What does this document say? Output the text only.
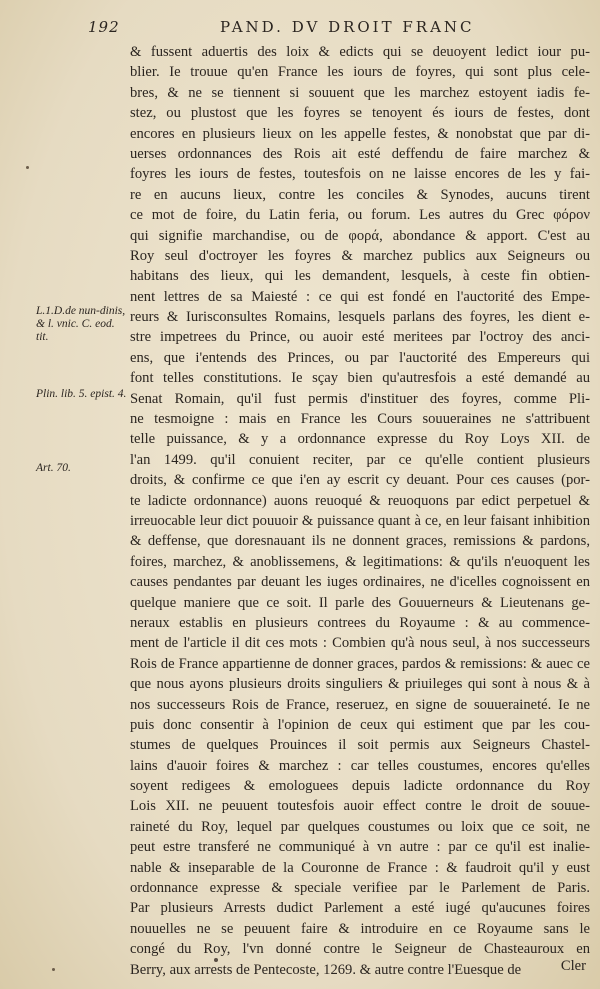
192	PAND. DV DROIT FRANC
L.1.D.de nun-dinis, & l. vnic. C. eod. tit.
Plin. lib. 5. epist. 4.
Art. 70.
& fussent aduertis des loix & edicts qui se deuoyent ledict iour pu-
blier. Ie trouue qu'en France les iours de foyres, qui sont plus cele-
bres, & ne se tiennent si souuent que les marchez estoyent iadis fe-
stez, ou plustost que les foyres se tenoyent és iours de festes, dont
encores en plusieurs lieux on les appelle festes, & nonobstat que par di-
uerses ordonnances des Rois ait esté deffendu de faire marchez &
foyres les iours de festes, toutesfois on ne laisse encores de les y fai-
re en aucuns lieux, contre les conciles & Synodes, aucuns tirent
ce mot de foire, du Latin feria, ou forum. Les autres du Grec φόρον
qui signifie marchandise, ou de φορά, abondance & apport. C'est au
Roy seul d'octroyer les foyres & marchez publics aux Seigneurs ou
habitans des lieux, qui les demandent, lesquels, à ceste fin obtien-
nent lettres de sa Maiesté : ce qui est fondé en l'auctorité des Empe-
reurs & Iurisconsultes Romains, lesquels parlans des foyres, les dient e-
stre impetrees du Prince, ou auoir esté meritees par l'octroy des anci-
ens, que i'entends des Princes, ou par l'auctorité des Empereurs qui
font telles constitutions. Ie sçay bien qu'autresfois a esté demandé au
Senat Romain, qu'il fust permis d'instituer des foyres, comme Pli-
ne tesmoigne : mais en France les Cours souueraines ne s'attribuent
telle puissance, & y a ordonnance expresse du Roy Loys XII. de
l'an 1499. qu'il conuient reciter, par ce qu'elle contient plusieurs
droits, & confirme ce que i'en ay escrit cy deuant. Pour ces causes (por-
te ladicte ordonnance) auons reuoqué & reuoquons par edict perpetuel &
irreuocable leur dict pouuoir & puissance quant à ce, en leur faisant inhibition
& deffense, que doresnauant ils ne donnent graces, remissions & pardons,
foires, marchez, & anoblissemens, & legitimations: & qu'ils n'euoquent les
causes pendantes par deuant les iuges ordinaires, ne d'icelles cognoissent en
quelque maniere que ce soit. Il parle des Gouuerneurs & Lieutenans ge-
neraux establis en plusieurs contrees du Royaume : & au commence-
ment de l'article il dit ces mots : Combien qu'à nous seul, à nos successeurs
Rois de France appartienne de donner graces, pardos & remissions: & auec ce
que nous ayons plusieurs droits singuliers & priuileges qui sont à nous & à
nos successeurs Rois de France, reseruez, en signe de souueraineté. Ie ne
puis donc consentir à l'opinion de ceux qui estiment que par les cou-
stumes de quelques Prouinces il soit permis aux Seigneurs Chastel-
lains d'auoir foires & marchez : car telles coustumes, encores qu'elles
soyent redigees & emologuees depuis ladicte ordonnance du Roy
Lois XII. ne peuuent toutesfois auoir effect contre le droit de souue-
raineté du Roy, lequel par quelques coustumes ou loix que ce soit, ne
peut estre transferé ne communiqué à vn autre : par ce qu'il est inalie-
nable & inseparable de la Couronne de France : & faudroit qu'il y eust
ordonnance expresse & speciale verifiee par le Parlement de Paris.
Par plusieurs Arrests dudict Parlement a esté iugé qu'aucunes foires
nouuelles ne se peuuent faire & introduire en ce Royaume sans le
congé du Roy, l'vn donné contre le Seigneur de Chasteauroux en
Berry, aux arrests de Pentecoste, 1269. & autre contre l'Euesque de	Cler
